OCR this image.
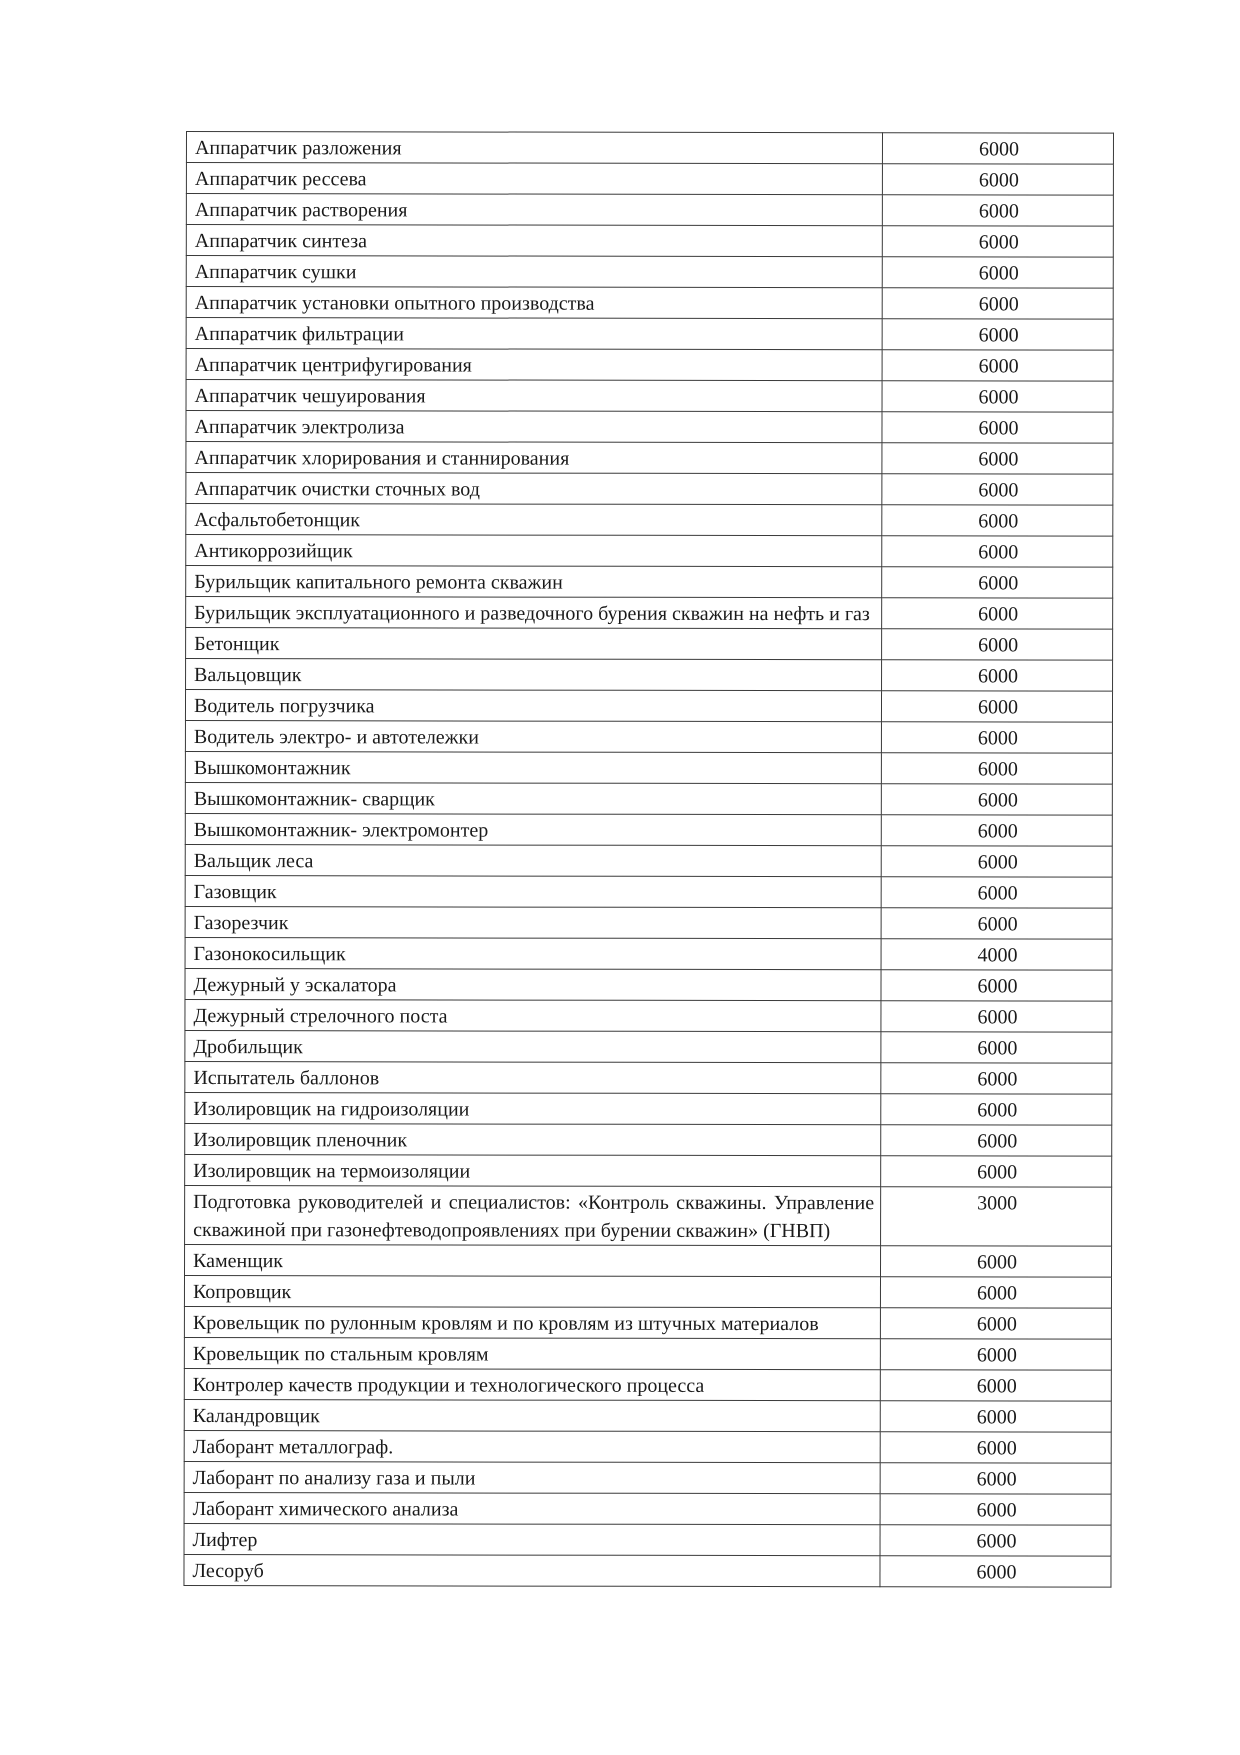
Аппаратчик разложения	6000
Аппаратчик рессева	6000
Аппаратчик растворения	6000
Аппаратчик синтеза	6000
Аппаратчик сушки	6000
Аппаратчик установки опытного производства	6000
Аппаратчик фильтрации	6000
Аппаратчик центрифугирования	6000
Аппаратчик чешуирования	6000
Аппаратчик электролиза	6000
Аппаратчик хлорирования и станнирования	6000
Аппаратчик очистки сточных вод	6000
Асфальтобетонщик	6000
Антикоррозийщик	6000
Бурильщик капитального ремонта скважин	6000
Бурильщик эксплуатационного и разведочного бурения скважин на нефть и газ	6000
Бетонщик	6000
Вальцовщик	6000
Водитель погрузчика	6000
Водитель электро- и автотележки	6000
Вышкомонтажник	6000
Вышкомонтажник- сварщик	6000
Вышкомонтажник- электромонтер	6000
Вальщик леса	6000
Газовщик	6000
Газорезчик	6000
Газонокосильщик	4000
Дежурный у эскалатора	6000
Дежурный стрелочного поста	6000
Дробильщик	6000
Испытатель баллонов	6000
Изолировщик на гидроизоляции	6000
Изолировщик пленочник	6000
Изолировщик на термоизоляции	6000
Подготовка руководителей и специалистов: «Контроль скважины. Управление скважиной при газонефтеводопроявлениях при бурении скважин» (ГНВП)	3000
Каменщик	6000
Копровщик	6000
Кровельщик по рулонным кровлям и по кровлям из штучных материалов	6000
Кровельщик по стальным кровлям	6000
Контролер качеств продукции и технологического процесса	6000
Каландровщик	6000
Лаборант металлограф.	6000
Лаборант по анализу газа и пыли	6000
Лаборант химического анализа	6000
Лифтер	6000
Лесоруб	6000
